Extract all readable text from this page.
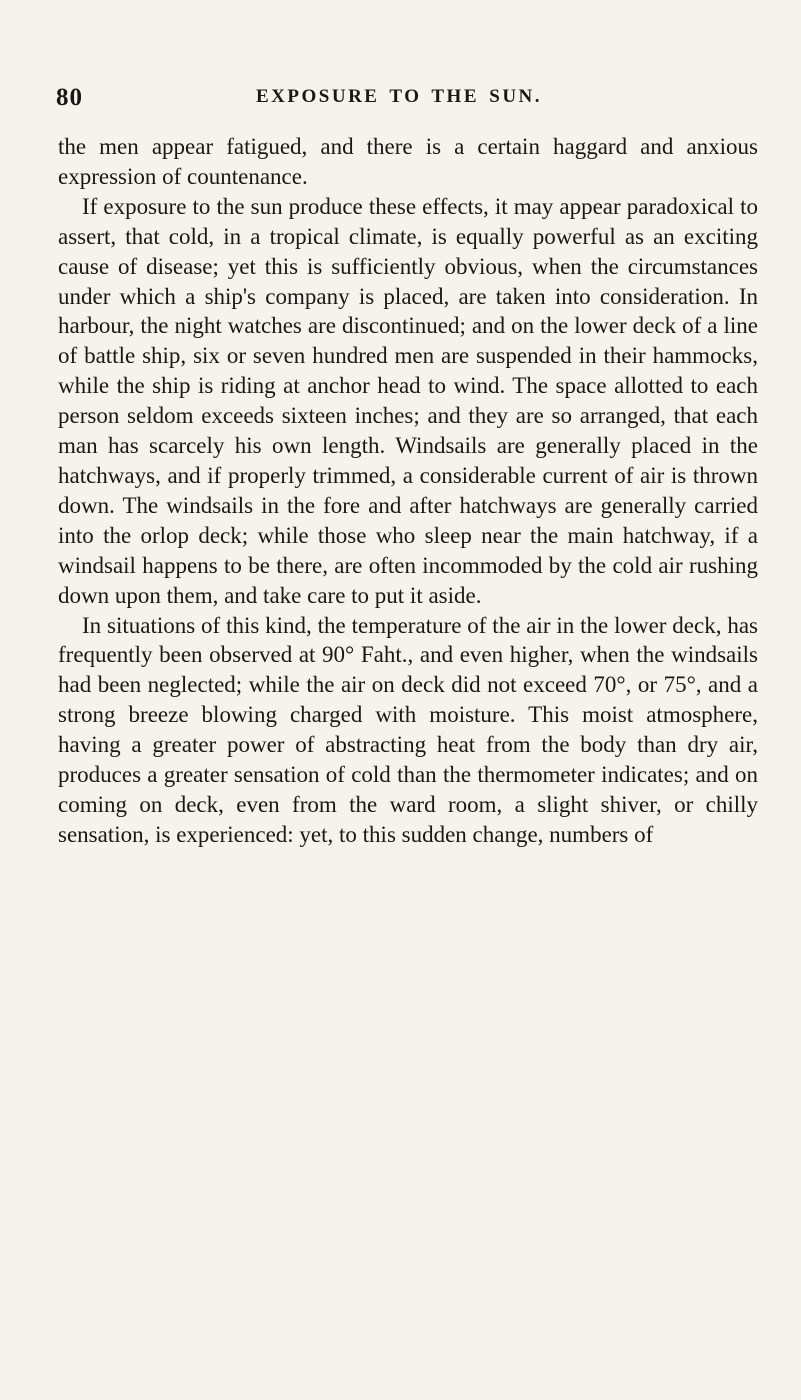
80	EXPOSURE TO THE SUN.

the men appear fatigued, and there is a certain haggard and anxious expression of countenance.

If exposure to the sun produce these effects, it may appear paradoxical to assert, that cold, in a tropical climate, is equally powerful as an exciting cause of disease; yet this is sufficiently obvious, when the circumstances under which a ship's company is placed, are taken into consideration. In harbour, the night watches are discontinued; and on the lower deck of a line of battle ship, six or seven hundred men are suspended in their hammocks, while the ship is riding at anchor head to wind. The space allotted to each person seldom exceeds sixteen inches; and they are so arranged, that each man has scarcely his own length. Windsails are generally placed in the hatchways, and if properly trimmed, a considerable current of air is thrown down. The windsails in the fore and after hatchways are generally carried into the orlop deck; while those who sleep near the main hatchway, if a windsail happens to be there, are often incommoded by the cold air rushing down upon them, and take care to put it aside.

In situations of this kind, the temperature of the air in the lower deck, has frequently been observed at 90° Faht., and even higher, when the windsails had been neglected; while the air on deck did not exceed 70°, or 75°, and a strong breeze blowing charged with moisture. This moist atmosphere, having a greater power of abstracting heat from the body than dry air, produces a greater sensation of cold than the thermometer indicates; and on coming on deck, even from the ward room, a slight shiver, or chilly sensation, is experienced: yet, to this sudden change, numbers of
